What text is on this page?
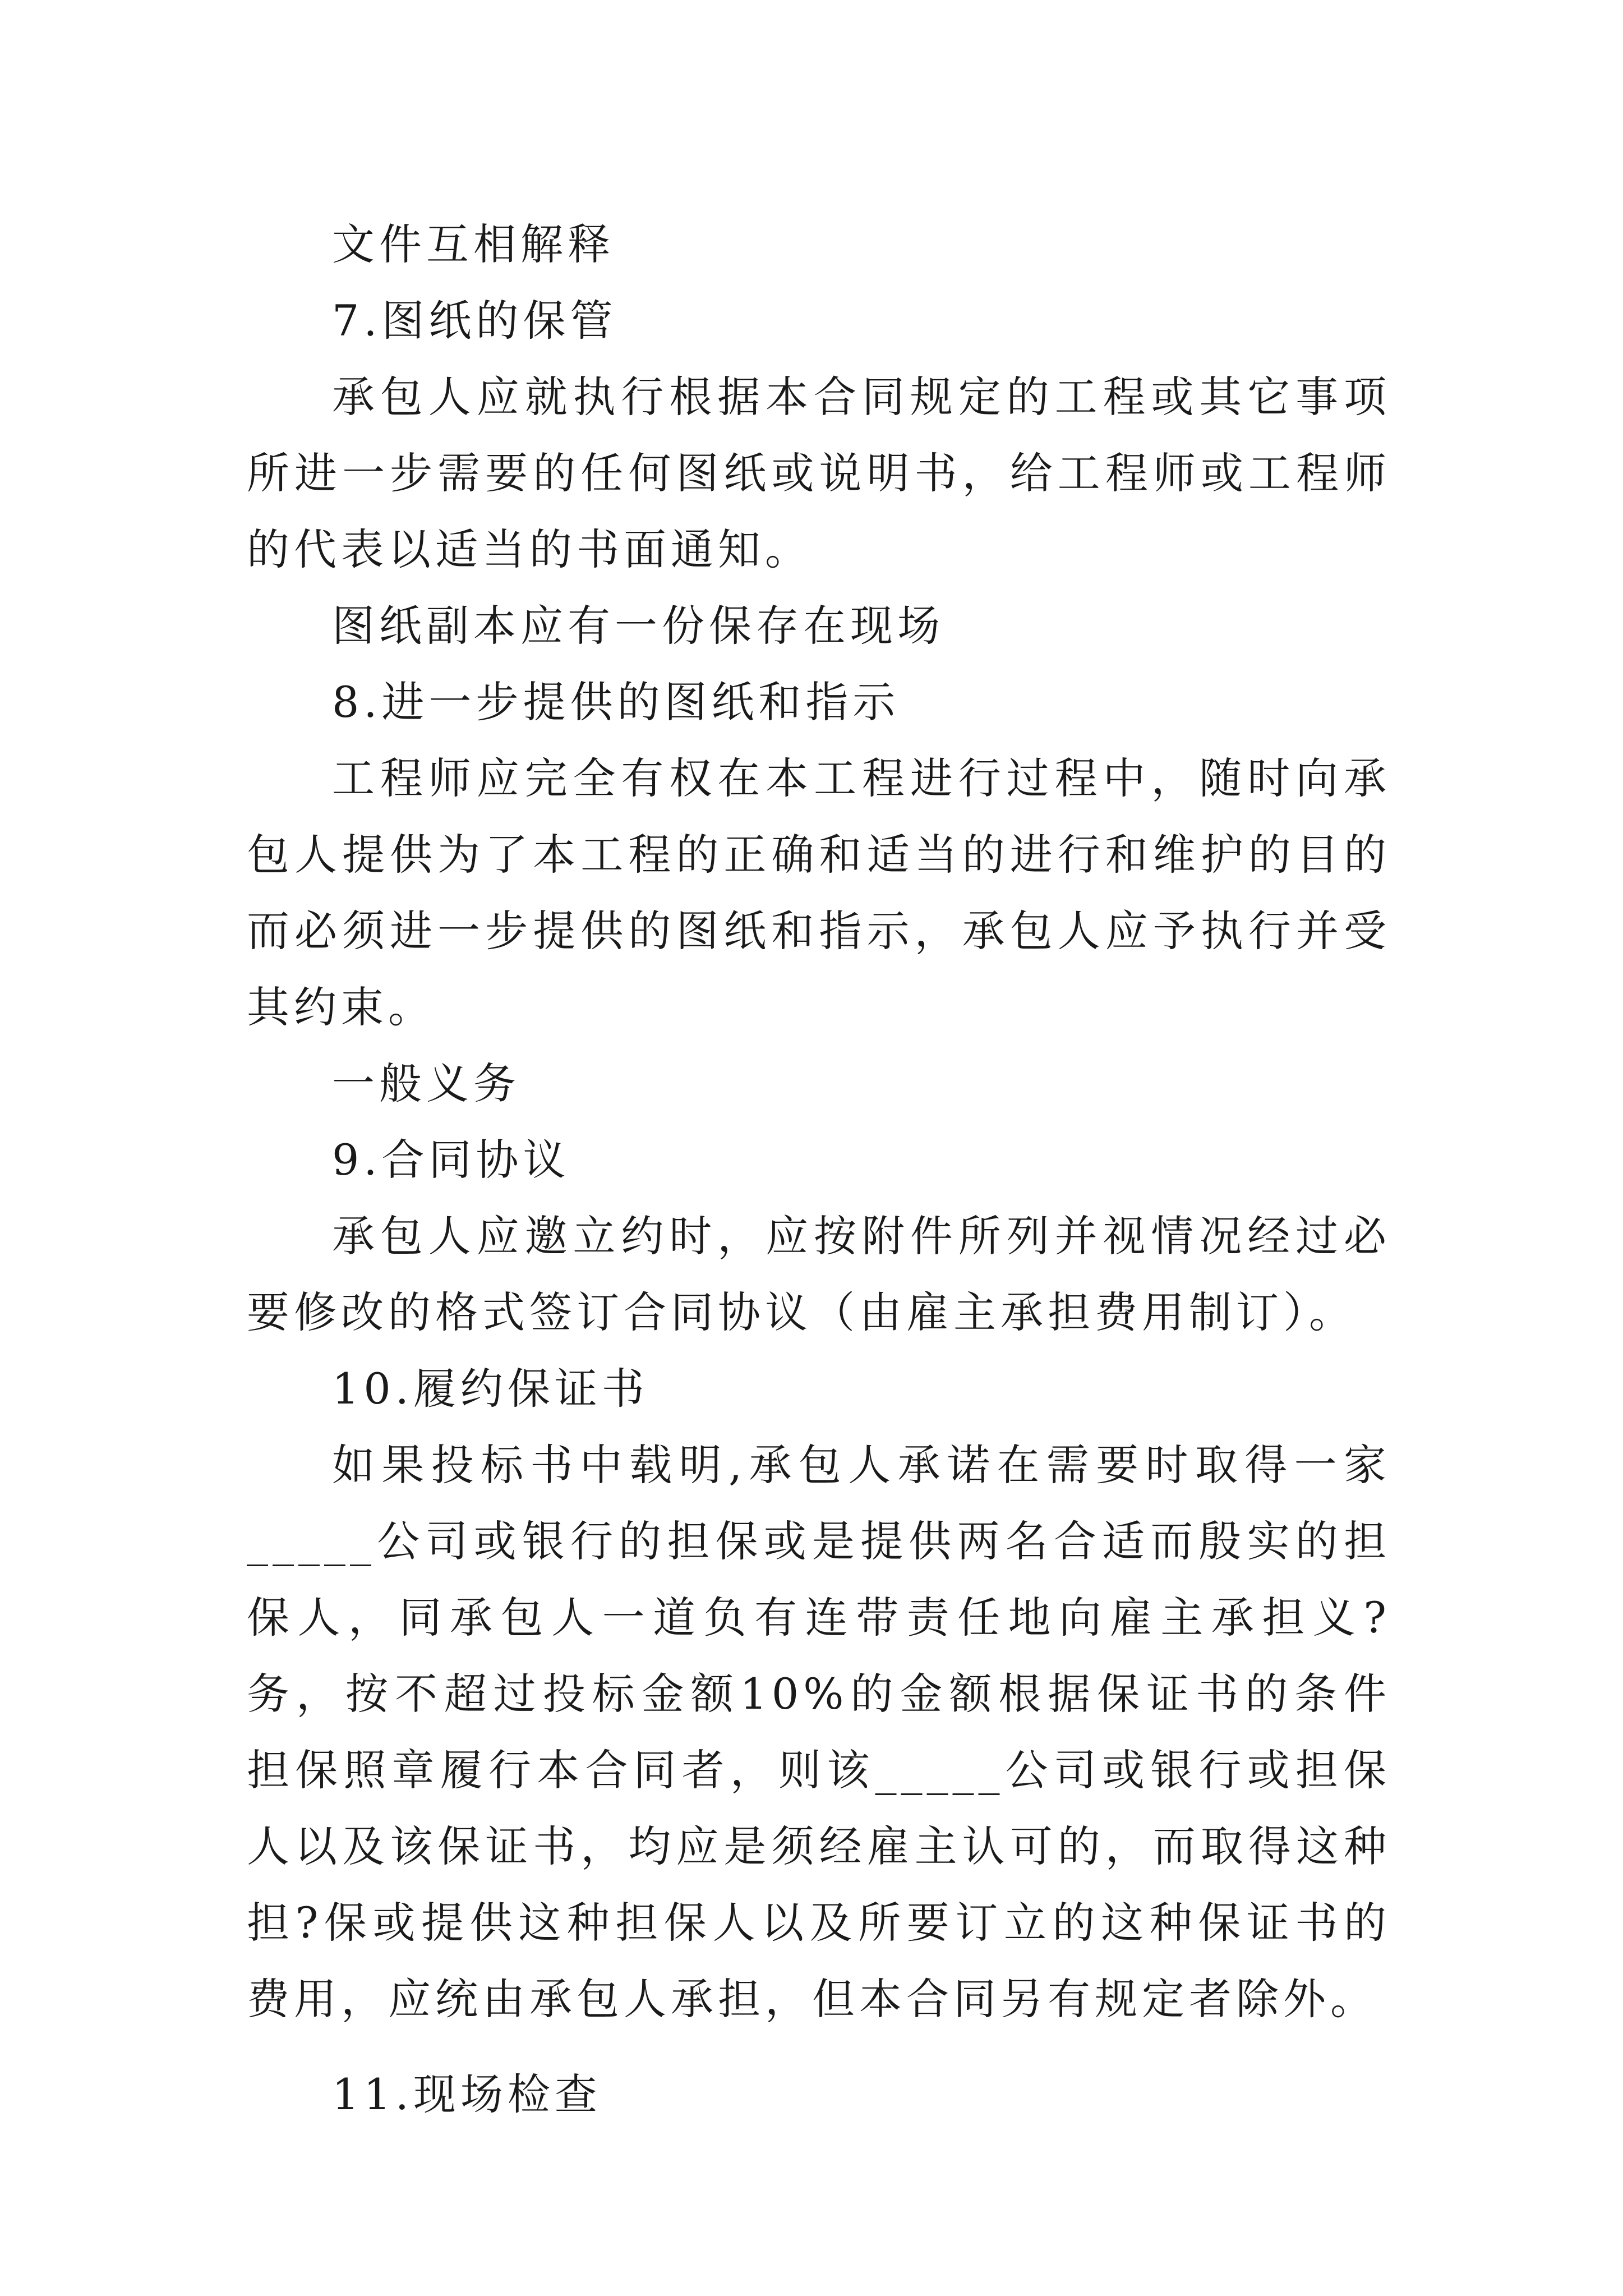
文件互相解释

7.图纸的保管

承包人应就执行根据本合同规定的工程或其它事项所进一步需要的任何图纸或说明书，给工程师或工程师的代表以适当的书面通知。

图纸副本应有一份保存在现场

8.进一步提供的图纸和指示

工程师应完全有权在本工程进行过程中，随时向承包人提供为了本工程的正确和适当的进行和维护的目的而必须进一步提供的图纸和指示，承包人应予执行并受其约束。

一般义务

9.合同协议

承包人应邀立约时，应按附件所列并视情况经过必要修改的格式签订合同协议（由雇主承担费用制订）。

10.履约保证书

如果投标书中载明,承包人承诺在需要时取得一家_____公司或银行的担保或是提供两名合适而殷实的担保人，同承包人一道负有连带责任地向雇主承担义?务，按不超过投标金额10%的金额根据保证书的条件担保照章履行本合同者，则该_____公司或银行或担保人以及该保证书，均应是须经雇主认可的，而取得这种担?保或提供这种担保人以及所要订立的这种保证书的费用，应统由承包人承担，但本合同另有规定者除外。

11.现场检查
